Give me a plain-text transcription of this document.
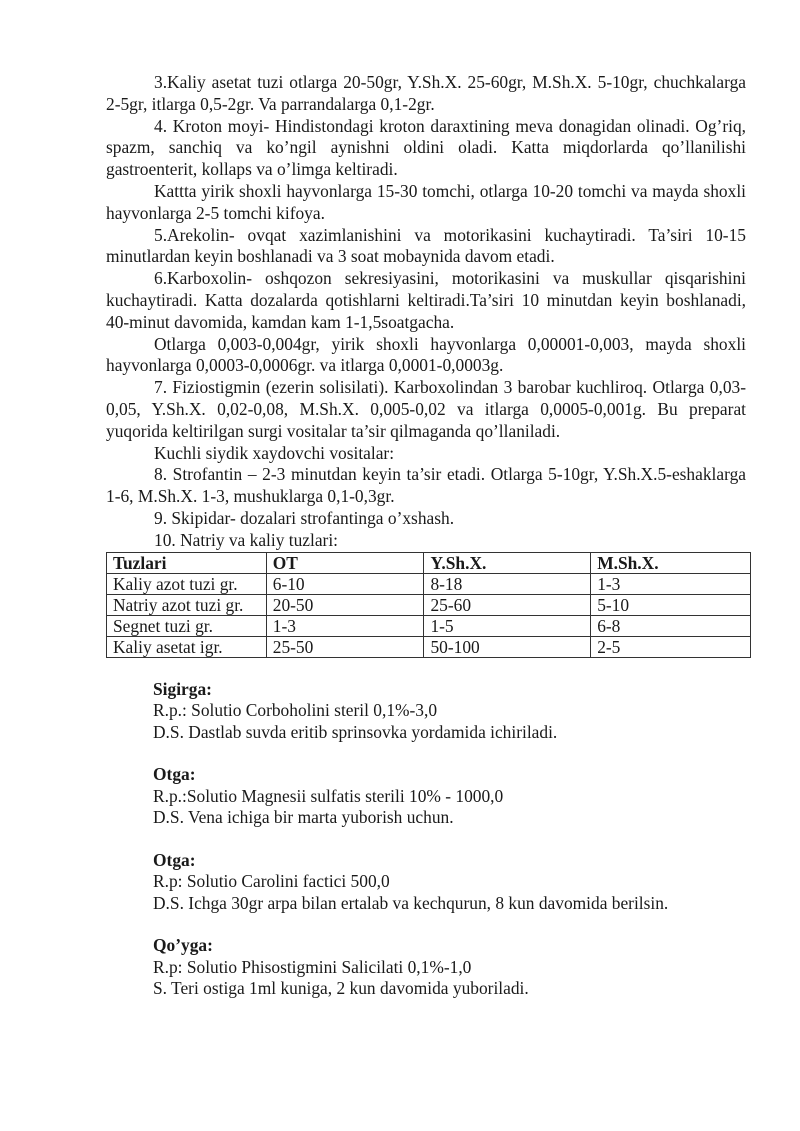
3.Kaliy asetat tuzi otlarga 20-50gr, Y.Sh.X. 25-60gr, M.Sh.X. 5-10gr, chuchkalarga 2-5gr, itlarga 0,5-2gr. Va parrandalarga 0,1-2gr.

4. Kroton moyi- Hindistondagi kroton daraxtining meva donagidan olinadi. Og’riq, spazm, sanchiq va ko’ngil aynishni oldini oladi. Katta miqdorlarda qo’llanilishi gastroenterit, kollaps va o’limga keltiradi.

Kattta yirik shoxli hayvonlarga 15-30 tomchi, otlarga 10-20 tomchi va mayda shoxli hayvonlarga 2-5 tomchi kifoya.

5.Arekolin- ovqat xazimlanishini va motorikasini kuchaytiradi. Ta’siri 10-15 minutlardan keyin boshlanadi va 3 soat mobaynida davom etadi.

6.Karboxolin- oshqozon sekresiyasini, motorikasini va muskullar qisqarishini kuchaytiradi. Katta dozalarda qotishlarni keltiradi.Ta’siri 10 minutdan keyin boshlanadi, 40-minut davomida, kamdan kam 1-1,5soatgacha.

Otlarga 0,003-0,004gr, yirik shoxli hayvonlarga 0,00001-0,003, mayda shoxli hayvonlarga 0,0003-0,0006gr. va itlarga 0,0001-0,0003g.

7. Fiziostigmin (ezerin solisilati). Karboxolindan 3 barobar kuchliroq. Otlarga 0,03-0,05, Y.Sh.X. 0,02-0,08, M.Sh.X. 0,005-0,02 va itlarga 0,0005-0,001g. Bu preparat yuqorida keltirilgan surgi vositalar ta’sir qilmaganda qo’llaniladi.

Kuchli siydik xaydovchi vositalar:

8. Strofantin – 2-3 minutdan keyin ta’sir etadi. Otlarga 5-10gr, Y.Sh.X.5-eshaklarga 1-6, M.Sh.X. 1-3, mushuklarga 0,1-0,3gr.

9. Skipidar- dozalari strofantinga o’xshash.

10. Natriy va kaliy tuzlari:

Tuzlari	OT	Y.Sh.X.	M.Sh.X.
Kaliy azot tuzi gr.	6-10	8-18	1-3
Natriy azot tuzi gr.	20-50	25-60	5-10
Segnet tuzi gr.	1-3	1-5	6-8
Kaliy asetat igr.	25-50	50-100	2-5
Sigirga:
R.p.: Solutio Corboholini steril 0,1%-3,0
D.S. Dastlab suvda eritib sprinsovka yordamida ichiriladi.
Otga:
R.p.:Solutio Magnesii sulfatis sterili 10% - 1000,0
D.S. Vena ichiga bir marta yuborish uchun.
Otga:
R.p: Solutio Carolini factici 500,0
D.S. Ichga 30gr arpa bilan ertalab va kechqurun, 8 kun davomida berilsin.
Qo’yga:
R.p: Solutio Phisostigmini Salicilati 0,1%-1,0
S. Teri ostiga 1ml kuniga, 2 kun davomida yuboriladi.
